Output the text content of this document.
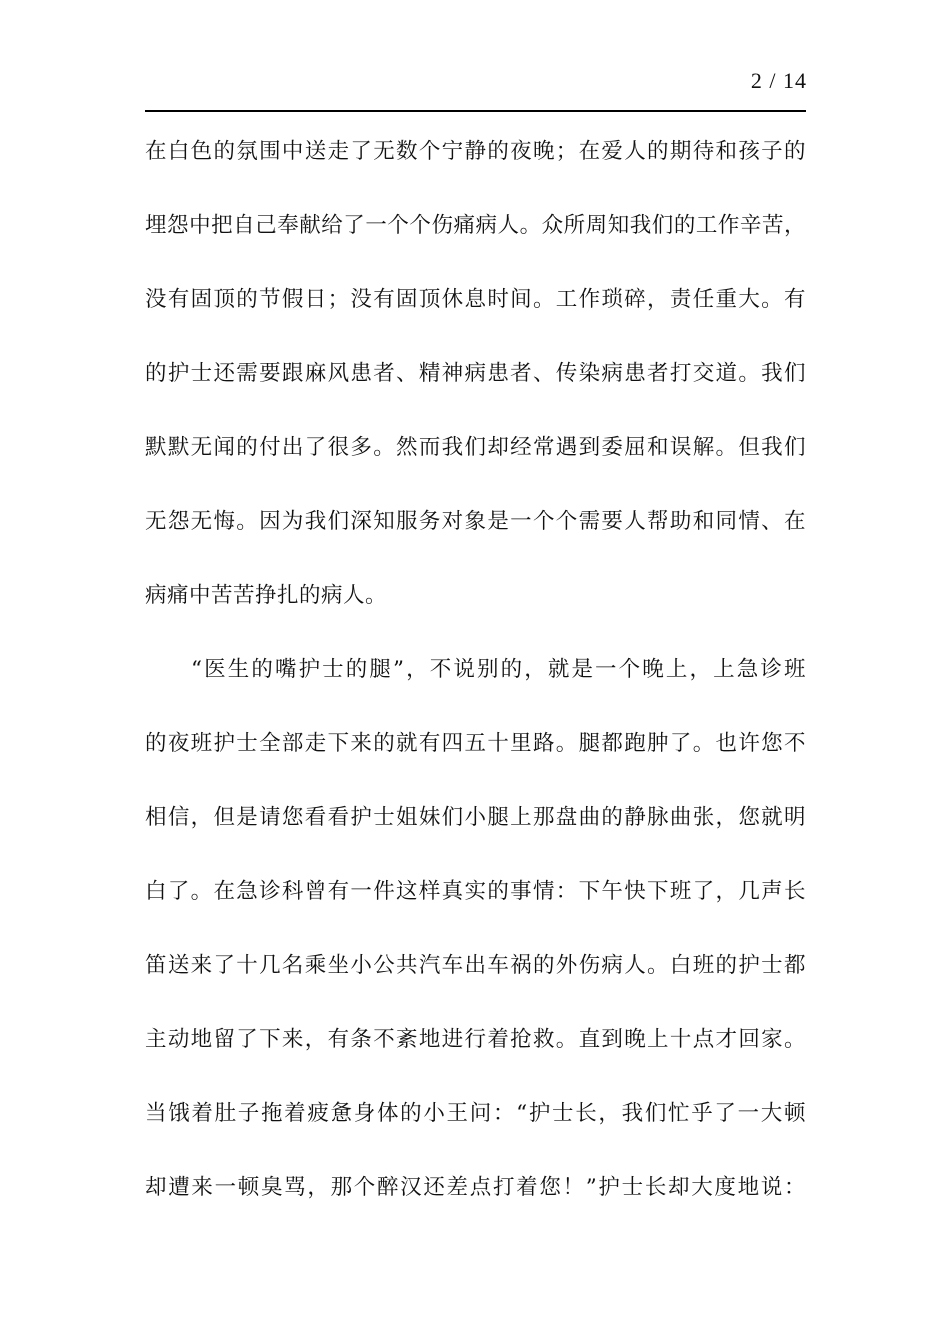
2 / 14
在白色的氛围中送走了无数个宁静的夜晚；在爱人的期待和孩子的
埋怨中把自己奉献给了一个个伤痛病人。众所周知我们的工作辛苦，
没有固顶的节假日；没有固顶休息时间。工作琐碎，责任重大。有
的护士还需要跟麻风患者、精神病患者、传染病患者打交道。我们
默默无闻的付出了很多。然而我们却经常遇到委屈和误解。但我们
无怨无悔。因为我们深知服务对象是一个个需要人帮助和同情、在
病痛中苦苦挣扎的病人。
“医生的嘴护士的腿”，不说别的，就是一个晚上，上急诊班
的夜班护士全部走下来的就有四五十里路。腿都跑肿了。也许您不
相信，但是请您看看护士姐妹们小腿上那盘曲的静脉曲张，您就明
白了。在急诊科曾有一件这样真实的事情：下午快下班了，几声长
笛送来了十几名乘坐小公共汽车出车祸的外伤病人。白班的护士都
主动地留了下来，有条不紊地进行着抢救。直到晚上十点才回家。
当饿着肚子拖着疲惫身体的小王问：“护士长，我们忙乎了一大顿
却遭来一顿臭骂，那个醉汉还差点打着您！”护士长却大度地说：
